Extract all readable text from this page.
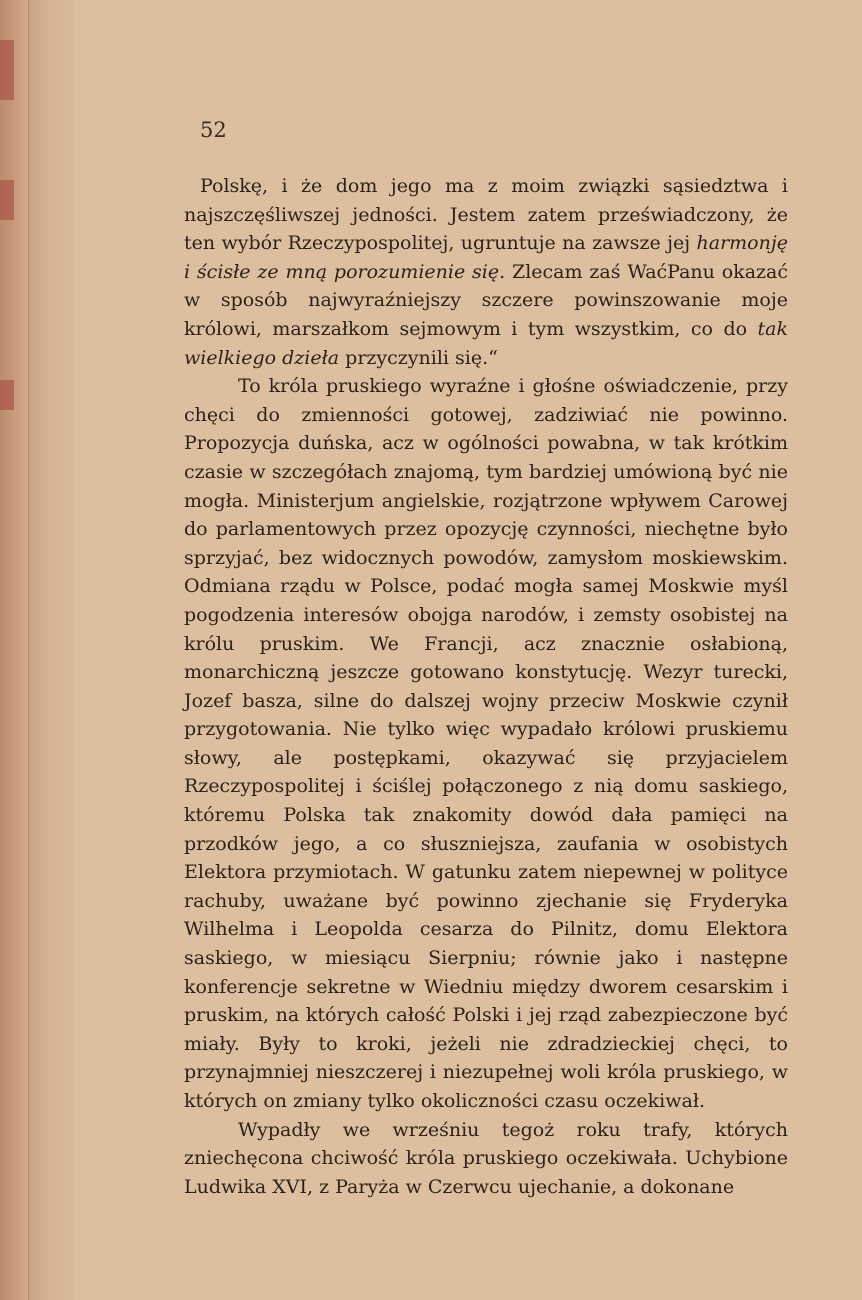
52

Polskę, i że dom jego ma z moim związki sąsiedztwa i najszczęśliwszej jedności. Jestem zatem przeświadczony, że ten wybór Rzeczypospolitej, ugruntuje na zawsze jej harmonję i ścisłe ze mną porozumienie się. Zlecam zaś WaćPanu okazać w sposób najwyraźniejszy szczere powinszowanie moje królowi, marszałkom sejmowym i tym wszystkim, co do tak wielkiego dzieła przyczynili się.“

To króla pruskiego wyraźne i głośne oświadczenie, przy chęci do zmienności gotowej, zadziwiać nie powinno. Propozycja duńska, acz w ogólności powabna, w tak krótkim czasie w szczegółach znajomą, tym bardziej umówioną być nie mogła. Ministerjum angielskie, rozjątrzone wpływem Carowej do parlamentowych przez opozycję czynności, niechętne było sprzyjać, bez widocznych powodów, zamysłom moskiewskim. Odmiana rządu w Polsce, podać mogła samej Moskwie myśl pogodzenia interesów obojga narodów, i zemsty osobistej na królu pruskim. We Francji, acz znacznie osłabioną, monarchiczną jeszcze gotowano konstytucję. Wezyr turecki, Jozef basza, silne do dalszej wojny przeciw Moskwie czynił przygotowania. Nie tylko więc wypadało królowi pruskiemu słowy, ale postępkami, okazywać się przyjacielem Rzeczypospolitej i ściślej połączonego z nią domu saskiego, któremu Polska tak znakomity dowód dała pamięci na przodków jego, a co słuszniejsza, zaufania w osobistych Elektora przymiotach. W gatunku zatem niepewnej w polityce rachuby, uważane być powinno zjechanie się Fryderyka Wilhelma i Leopolda cesarza do Pilnitz, domu Elektora saskiego, w miesiącu Sierpniu; równie jako i następne konferencje sekretne w Wiedniu między dworem cesarskim i pruskim, na których całość Polski i jej rząd zabezpieczone być miały. Były to kroki, jeżeli nie zdradzieckiej chęci, to przynajmniej nieszczerej i niezupełnej woli króla pruskiego, w których on zmiany tylko okoliczności czasu oczekiwał.

Wypadły we wrześniu tegoż roku trafy, których zniechęcona chciwość króla pruskiego oczekiwała. Uchybione Ludwika XVI, z Paryża w Czerwcu ujechanie, a dokonane
